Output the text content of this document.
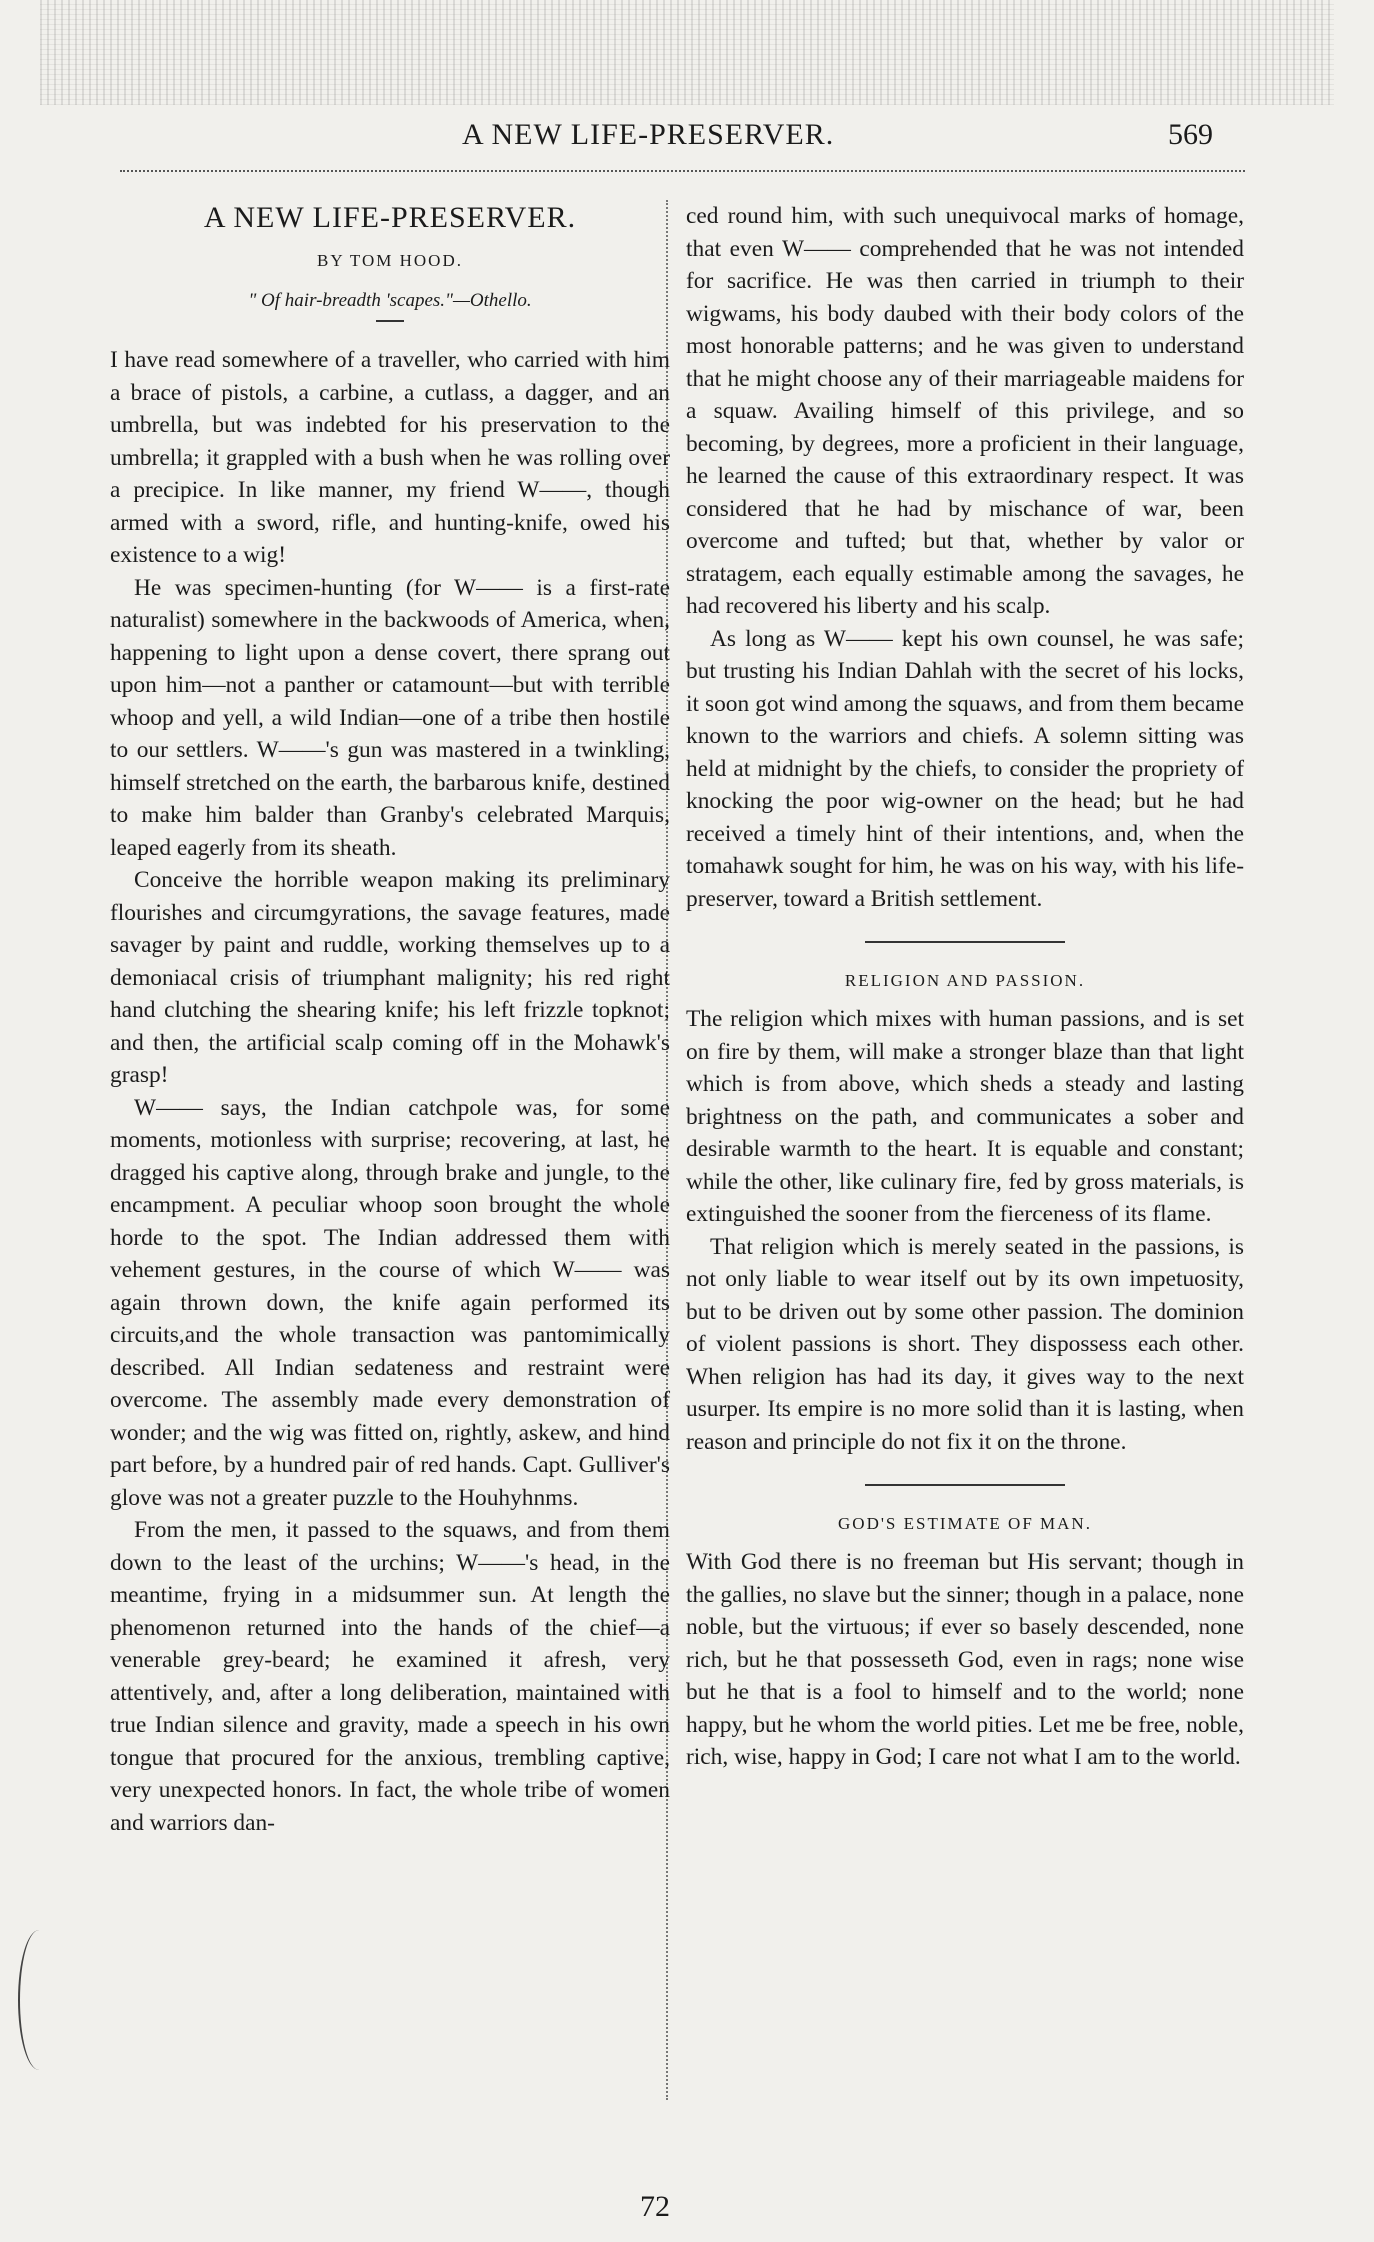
A NEW LIFE-PRESERVER.	569
A NEW LIFE-PRESERVER.
BY TOM HOOD.
" Of hair-breadth 'scapes."—Othello.

I have read somewhere of a traveller, who carried with him a brace of pistols, a carbine, a cutlass, a dagger, and an umbrella, but was indebted for his preservation to the umbrella; it grappled with a bush when he was rolling over a precipice. In like manner, my friend W——, though armed with a sword, rifle, and hunting-knife, owed his existence to a wig!

He was specimen-hunting (for W—— is a first-rate naturalist) somewhere in the backwoods of America, when, happening to light upon a dense covert, there sprang out upon him—not a panther or catamount—but with terrible whoop and yell, a wild Indian—one of a tribe then hostile to our settlers. W——'s gun was mastered in a twinkling, himself stretched on the earth, the barbarous knife, destined to make him balder than Granby's celebrated Marquis, leaped eagerly from its sheath.

Conceive the horrible weapon making its preliminary flourishes and circumgyrations, the savage features, made savager by paint and ruddle, working themselves up to a demoniacal crisis of triumphant malignity; his red right hand clutching the shearing knife; his left frizzle topknot; and then, the artificial scalp coming off in the Mohawk's grasp!

W—— says, the Indian catchpole was, for some moments, motionless with surprise; recovering, at last, he dragged his captive along, through brake and jungle, to the encampment. A peculiar whoop soon brought the whole horde to the spot. The Indian addressed them with vehement gestures, in the course of which W—— was again thrown down, the knife again performed its circuits,and the whole transaction was pantomimically described. All Indian sedateness and restraint were overcome. The assembly made every demonstration of wonder; and the wig was fitted on, rightly, askew, and hind part before, by a hundred pair of red hands. Capt. Gulliver's glove was not a greater puzzle to the Houhyhnms.

From the men, it passed to the squaws, and from them down to the least of the urchins; W——'s head, in the meantime, frying in a midsummer sun. At length the phenomenon returned into the hands of the chief—a venerable grey-beard; he examined it afresh, very attentively, and, after a long deliberation, maintained with true Indian silence and gravity, made a speech in his own tongue that procured for the anxious, trembling captive, very unexpected honors. In fact, the whole tribe of women and warriors dan-

ced round him, with such unequivocal marks of homage, that even W—— comprehended that he was not intended for sacrifice. He was then carried in triumph to their wigwams, his body daubed with their body colors of the most honorable patterns; and he was given to understand that he might choose any of their marriageable maidens for a squaw. Availing himself of this privilege, and so becoming, by degrees, more a proficient in their language, he learned the cause of this extraordinary respect. It was considered that he had by mischance of war, been overcome and tufted; but that, whether by valor or stratagem, each equally estimable among the savages, he had recovered his liberty and his scalp.

As long as W—— kept his own counsel, he was safe; but trusting his Indian Dahlah with the secret of his locks, it soon got wind among the squaws, and from them became known to the warriors and chiefs. A solemn sitting was held at midnight by the chiefs, to consider the propriety of knocking the poor wig-owner on the head; but he had received a timely hint of their intentions, and, when the tomahawk sought for him, he was on his way, with his life-preserver, toward a British settlement.

RELIGION AND PASSION.

The religion which mixes with human passions, and is set on fire by them, will make a stronger blaze than that light which is from above, which sheds a steady and lasting brightness on the path, and communicates a sober and desirable warmth to the heart. It is equable and constant; while the other, like culinary fire, fed by gross materials, is extinguished the sooner from the fierceness of its flame.

That religion which is merely seated in the passions, is not only liable to wear itself out by its own impetuosity, but to be driven out by some other passion. The dominion of violent passions is short. They dispossess each other. When religion has had its day, it gives way to the next usurper. Its empire is no more solid than it is lasting, when reason and principle do not fix it on the throne.

GOD'S ESTIMATE OF MAN.

With God there is no freeman but His servant; though in the gallies, no slave but the sinner; though in a palace, none noble, but the virtuous; if ever so basely descended, none rich, but he that possesseth God, even in rags; none wise but he that is a fool to himself and to the world; none happy, but he whom the world pities. Let me be free, noble, rich, wise, happy in God; I care not what I am to the world.

72
